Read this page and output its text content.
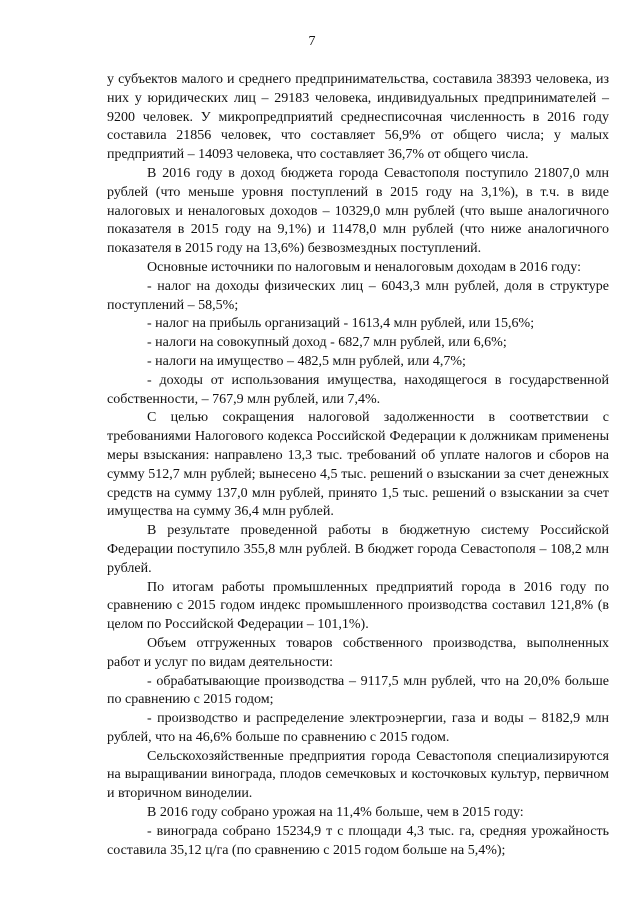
7

у субъектов малого и среднего предпринимательства, составила 38393 человека, из них у юридических лиц – 29183 человека, индивидуальных предпринимателей – 9200 человек. У микропредприятий среднесписочная численность в 2016 году составила 21856 человек, что составляет 56,9% от общего числа; у малых предприятий – 14093 человека, что составляет 36,7% от общего числа.

В 2016 году в доход бюджета города Севастополя поступило 21807,0 млн рублей (что меньше уровня поступлений в 2015 году на 3,1%), в т.ч. в виде налоговых и неналоговых доходов – 10329,0 млн рублей (что выше аналогичного показателя в 2015 году на 9,1%) и 11478,0 млн рублей (что ниже аналогичного показателя в 2015 году на 13,6%) безвозмездных поступлений.

Основные источники по налоговым и неналоговым доходам в 2016 году:

- налог на доходы физических лиц – 6043,3 млн рублей, доля в структуре поступлений – 58,5%;

- налог на прибыль организаций - 1613,4 млн рублей, или 15,6%;

- налоги на совокупный доход - 682,7 млн рублей, или 6,6%;

- налоги на имущество – 482,5 млн рублей, или 4,7%;

- доходы от использования имущества, находящегося в государственной собственности, – 767,9 млн рублей, или 7,4%.

С целью сокращения налоговой задолженности в соответствии с требованиями Налогового кодекса Российской Федерации к должникам применены меры взыскания: направлено 13,3 тыс. требований об уплате налогов и сборов на сумму 512,7 млн рублей; вынесено 4,5 тыс. решений о взыскании за счет денежных средств на сумму 137,0 млн рублей, принято 1,5 тыс. решений о взыскании за счет имущества на сумму 36,4 млн рублей.

В результате проведенной работы в бюджетную систему Российской Федерации поступило 355,8 млн рублей. В бюджет города Севастополя – 108,2 млн рублей.

По итогам работы промышленных предприятий города в 2016 году по сравнению с 2015 годом индекс промышленного производства составил 121,8% (в целом по Российской Федерации – 101,1%).

Объем отгруженных товаров собственного производства, выполненных работ и услуг по видам деятельности:

- обрабатывающие производства – 9117,5 млн рублей, что на 20,0% больше по сравнению с 2015 годом;

- производство и распределение электроэнергии, газа и воды – 8182,9 млн рублей, что на 46,6% больше по сравнению с 2015 годом.

Сельскохозяйственные предприятия города Севастополя специализируются на выращивании винограда, плодов семечковых и косточковых культур, первичном и вторичном виноделии.

В 2016 году собрано урожая на 11,4% больше, чем в 2015 году:

- винограда собрано 15234,9 т с площади 4,3 тыс. га, средняя урожайность составила 35,12 ц/га (по сравнению с 2015 годом больше на 5,4%);
